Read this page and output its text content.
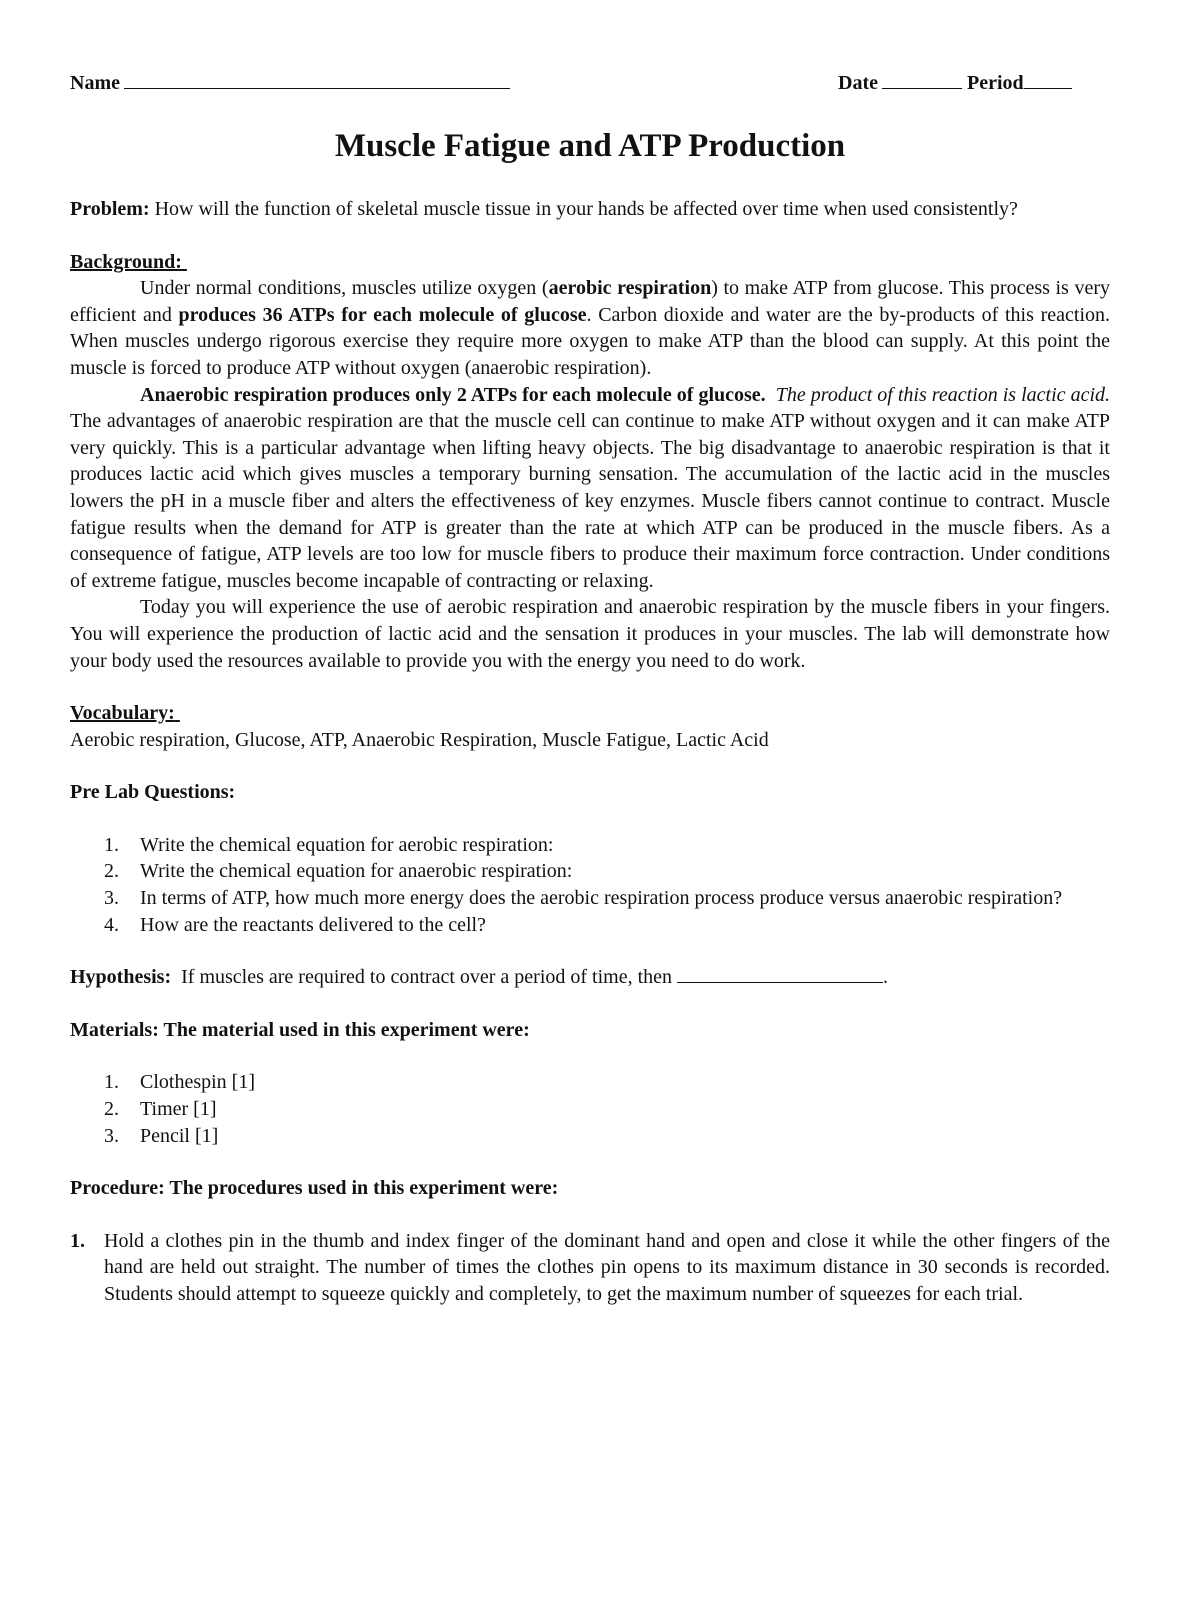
Name	Date	Period
Muscle Fatigue and ATP Production

Problem: How will the function of skeletal muscle tissue in your hands be affected over time when used consistently?

Background:

Under normal conditions, muscles utilize oxygen (aerobic respiration) to make ATP from glucose. This process is very efficient and produces 36 ATPs for each molecule of glucose. Carbon dioxide and water are the by-products of this reaction. When muscles undergo rigorous exercise they require more oxygen to make ATP than the blood can supply. At this point the muscle is forced to produce ATP without oxygen (anaerobic respiration).

Anaerobic respiration produces only 2 ATPs for each molecule of glucose. The product of this reaction is lactic acid. The advantages of anaerobic respiration are that the muscle cell can continue to make ATP without oxygen and it can make ATP very quickly. This is a particular advantage when lifting heavy objects. The big disadvantage to anaerobic respiration is that it produces lactic acid which gives muscles a temporary burning sensation. The accumulation of the lactic acid in the muscles lowers the pH in a muscle fiber and alters the effectiveness of key enzymes. Muscle fibers cannot continue to contract. Muscle fatigue results when the demand for ATP is greater than the rate at which ATP can be produced in the muscle fibers. As a consequence of fatigue, ATP levels are too low for muscle fibers to produce their maximum force contraction. Under conditions of extreme fatigue, muscles become incapable of contracting or relaxing.

Today you will experience the use of aerobic respiration and anaerobic respiration by the muscle fibers in your fingers. You will experience the production of lactic acid and the sensation it produces in your muscles. The lab will demonstrate how your body used the resources available to provide you with the energy you need to do work.

Vocabulary:

Aerobic respiration, Glucose, ATP, Anaerobic Respiration, Muscle Fatigue, Lactic Acid

Pre Lab Questions:
1. Write the chemical equation for aerobic respiration:
2. Write the chemical equation for anaerobic respiration:
3. In terms of ATP, how much more energy does the aerobic respiration process produce versus anaerobic respiration?
4. How are the reactants delivered to the cell?
Hypothesis: If muscles are required to contract over a period of time, then	.
Materials: The material used in this experiment were:
1. Clothespin [1]
2. Timer [1]
3. Pencil [1]
Procedure: The procedures used in this experiment were:
1. Hold a clothes pin in the thumb and index finger of the dominant hand and open and close it while the other fingers of the hand are held out straight. The number of times the clothes pin opens to its maximum distance in 30 seconds is recorded. Students should attempt to squeeze quickly and completely, to get the maximum number of squeezes for each trial.
